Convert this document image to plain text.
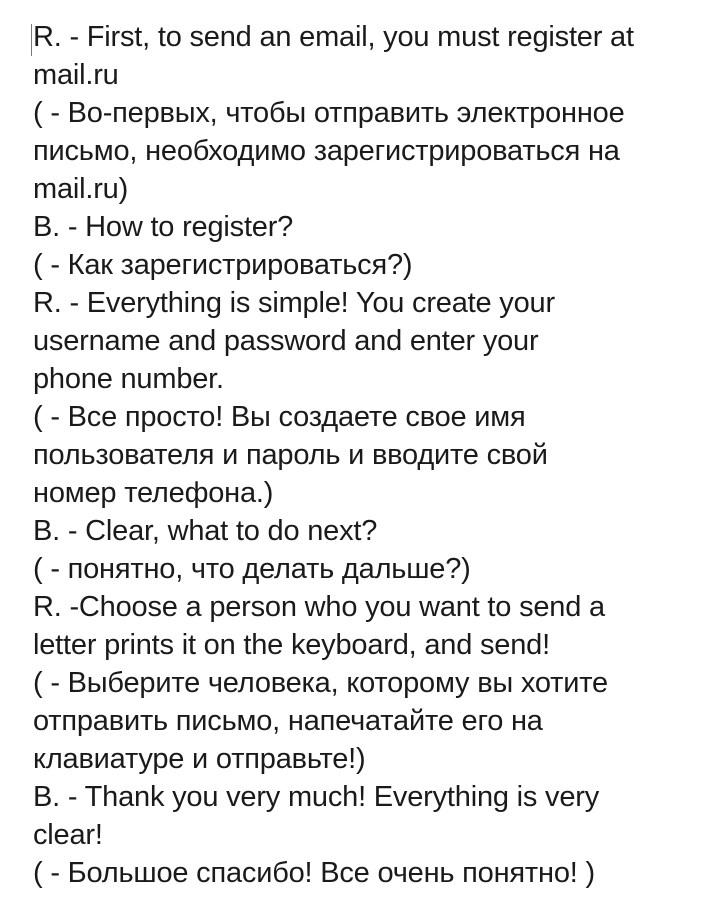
R. - First, to send an email, you must register at
mail.ru
( - Во-первых, чтобы отправить электронное
письмо, необходимо зарегистрироваться на
mail.ru)
B. - How to register?
( - Как зарегистрироваться?)
R. - Everything is simple! You create your
username and password and enter your
phone number.
( - Все просто! Вы создаете свое имя
пользователя и пароль и вводите свой
номер телефона.)
B. - Clear, what to do next?
( - понятно, что делать дальше?)
R. -Choose a person who you want to send a
letter prints it on the keyboard, and send!
( - Выберите человека, которому вы хотите
отправить письмо, напечатайте его на
клавиатуре и отправьте!)
B. - Thank you very much! Everything is very
clear!
( - Большое спасибо! Все очень понятно! )
